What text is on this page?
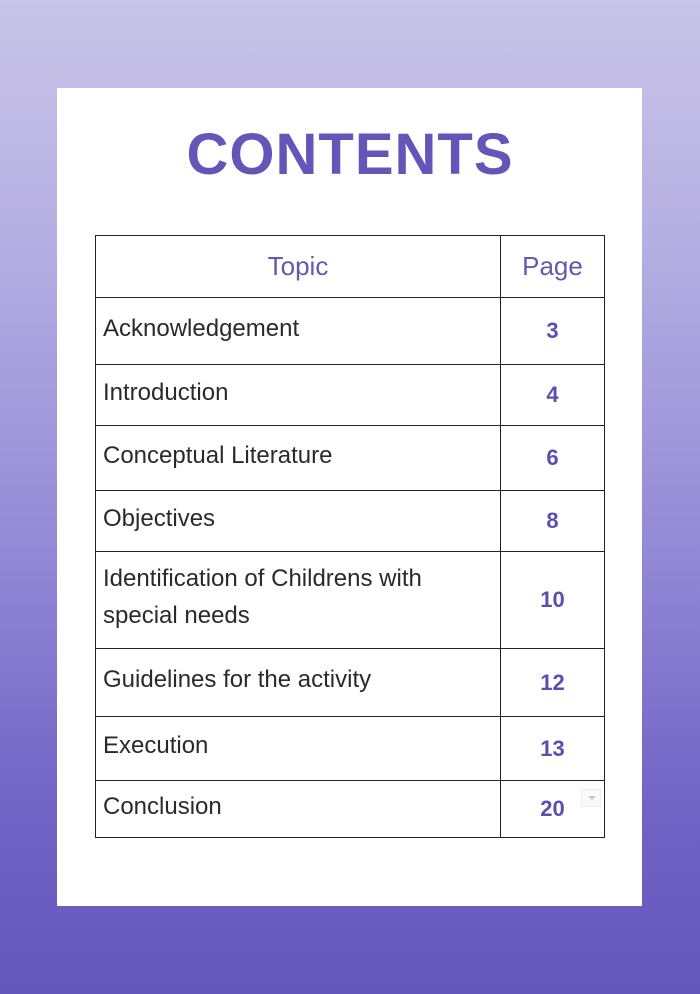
CONTENTS
Topic	Page
Acknowledgement	3
Introduction	4
Conceptual Literature	6
Objectives	8
Identification of Childrens with special needs	10
Guidelines for the activity	12
Execution	13
Conclusion	20
